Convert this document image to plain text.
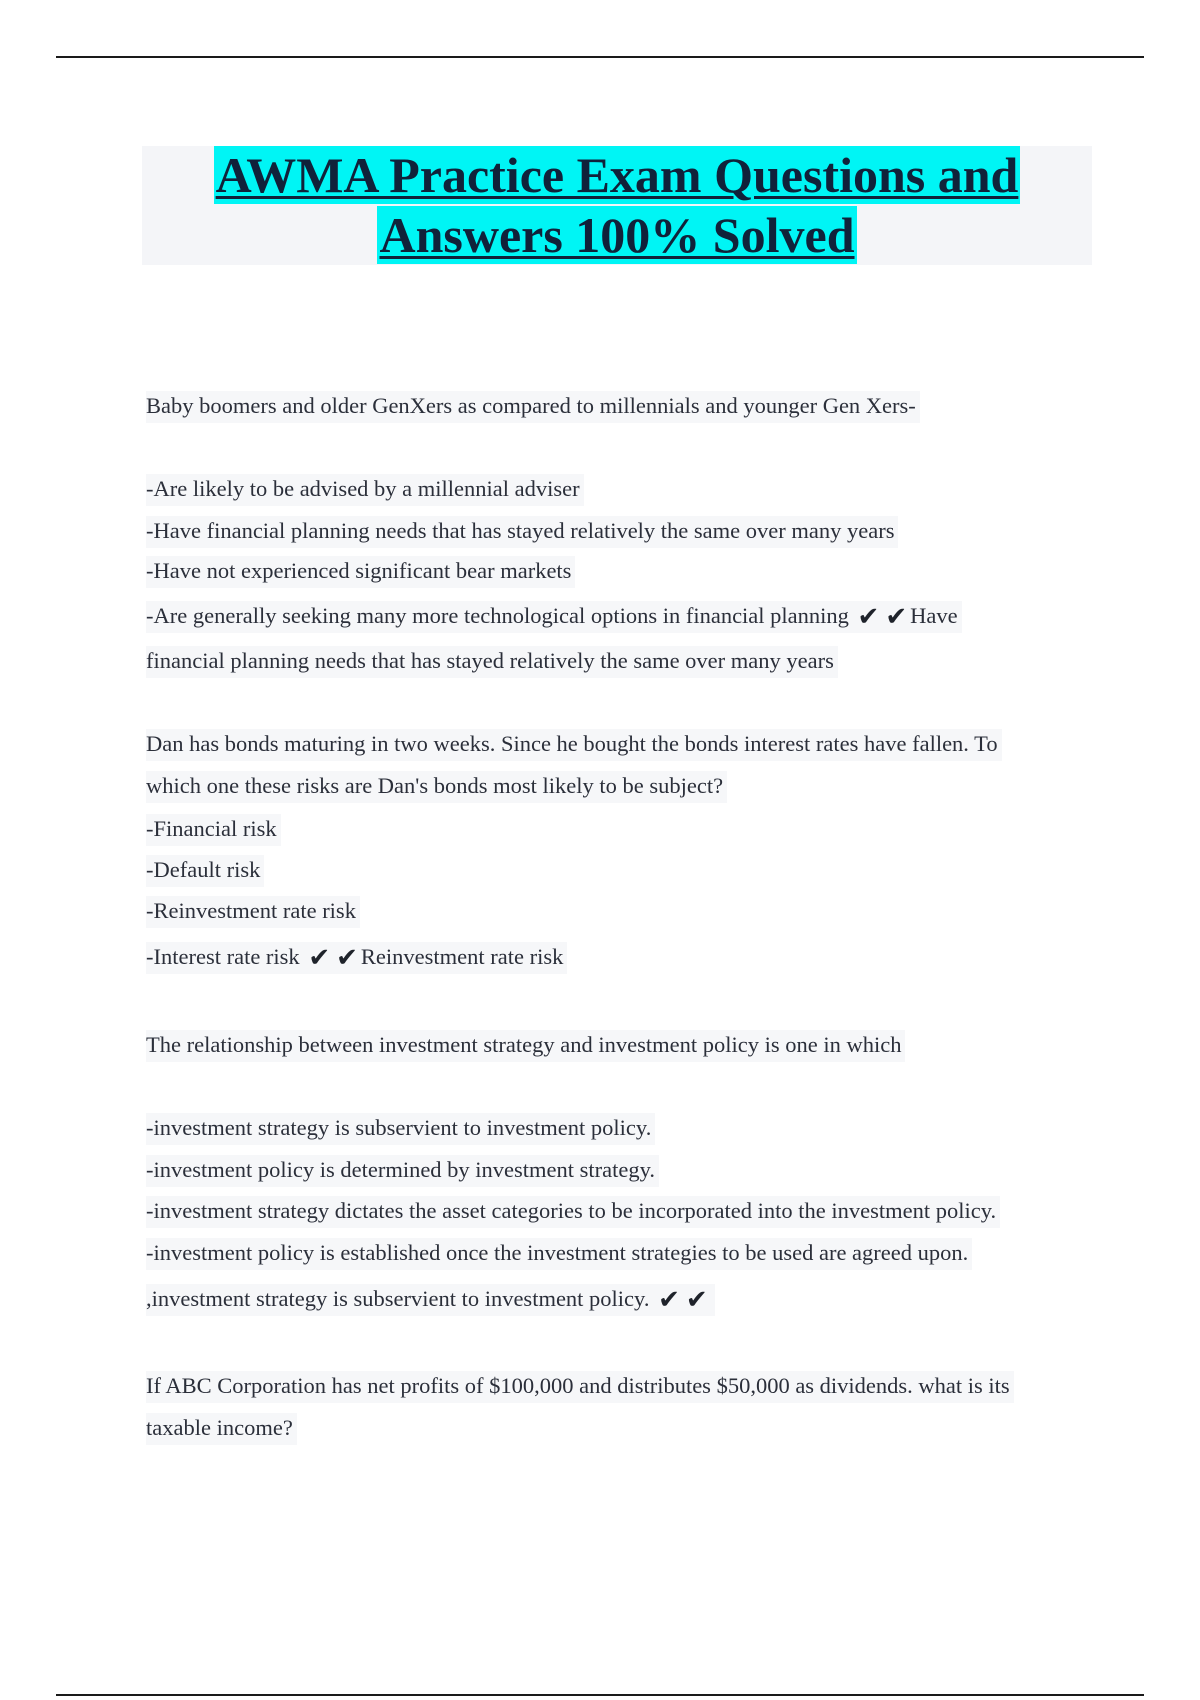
AWMA Practice Exam Questions and
Answers 100% Solved
Baby boomers and older GenXers as compared to millennials and younger Gen Xers-
-Are likely to be advised by a millennial adviser
-Have financial planning needs that has stayed relatively the same over many years
-Have not experienced significant bear markets
-Are generally seeking many more technological options in financial planning ✔ ✔ Have
financial planning needs that has stayed relatively the same over many years
Dan has bonds maturing in two weeks. Since he bought the bonds interest rates have fallen. To
which one these risks are Dan's bonds most likely to be subject?
-Financial risk
-Default risk
-Reinvestment rate risk
-Interest rate risk ✔ ✔ Reinvestment rate risk
The relationship between investment strategy and investment policy is one in which
-investment strategy is subservient to investment policy.
-investment policy is determined by investment strategy.
-investment strategy dictates the asset categories to be incorporated into the investment policy.
-investment policy is established once the investment strategies to be used are agreed upon.
,investment strategy is subservient to investment policy. ✔ ✔
If ABC Corporation has net profits of $100,000 and distributes $50,000 as dividends. what is its
taxable income?
